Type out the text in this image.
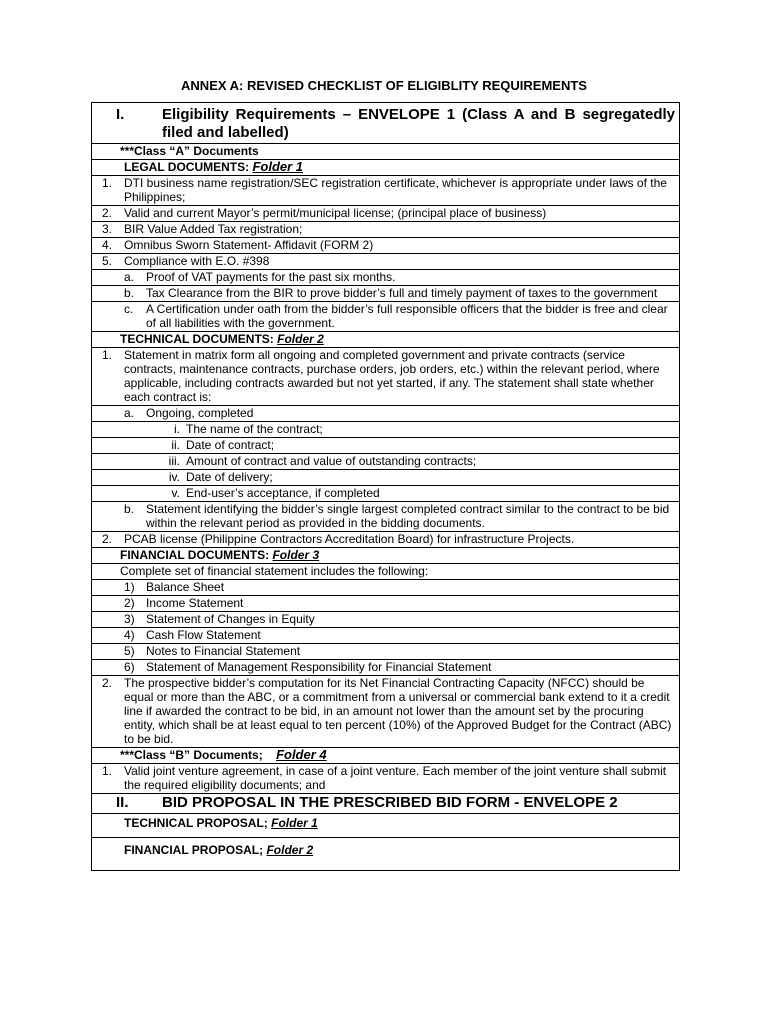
ANNEX A: REVISED CHECKLIST OF ELIGIBLITY REQUIREMENTS
I.	Eligibility Requirements – ENVELOPE 1 (Class A and B segregatedly filed and labelled)

***Class “A” Documents
LEGAL DOCUMENTS: Folder 1

1. DTI business name registration/SEC registration certificate, whichever is appropriate under laws of the Philippines;

2. Valid and current Mayor’s permit/municipal license; (principal place of business)

3. BIR Value Added Tax registration;

4. Omnibus Sworn Statement- Affidavit (FORM 2)

5. Compliance with E.O. #398

a. Proof of VAT payments for the past six months.

b. Tax Clearance from the BIR to prove bidder’s full and timely payment of taxes to the government

c.	A Certification under oath from the bidder’s full responsible officers that the bidder is free and clear of all liabilities with the government.

TECHNICAL DOCUMENTS: Folder 2

1. Statement in matrix form all ongoing and completed government and private contracts (service contracts, maintenance contracts, purchase orders, job orders, etc.) within the relevant period, where applicable, including contracts awarded but not yet started, if any. The statement shall state whether each contract is:

a. Ongoing, completed

i. The name of the contract;

ii. Date of contract;

iii. Amount of contract and value of outstanding contracts;

iv. Date of delivery;

v. End-user’s acceptance, if completed

b. Statement identifying the bidder’s single largest completed contract similar to the contract to be bid within the relevant period as provided in the bidding documents.

2. PCAB license (Philippine Contractors Accreditation Board) for infrastructure Projects.

FINANCIAL DOCUMENTS: Folder 3
Complete set of financial statement includes the following:

1) Balance Sheet

2) Income Statement

3) Statement of Changes in Equity

4) Cash Flow Statement

5) Notes to Financial Statement

6) Statement of Management Responsibility for Financial Statement

2. The prospective bidder’s computation for its Net Financial Contracting Capacity (NFCC) should be equal or more than the ABC, or a commitment from a universal or commercial bank extend to it a credit line if awarded the contract to be bid, in an amount not lower than the amount set by the procuring entity, which shall be at least equal to ten percent (10%) of the Approved Budget for the Contract (ABC) to be bid.

***Class “B” Documents; Folder 4

1. Valid joint venture agreement, in case of a joint venture. Each member of the joint venture shall submit the required eligibility documents; and

II.	BID PROPOSAL IN THE PRESCRIBED BID FORM - ENVELOPE 2

TECHNICAL PROPOSAL; Folder 1
FINANCIAL PROPOSAL; Folder 2
